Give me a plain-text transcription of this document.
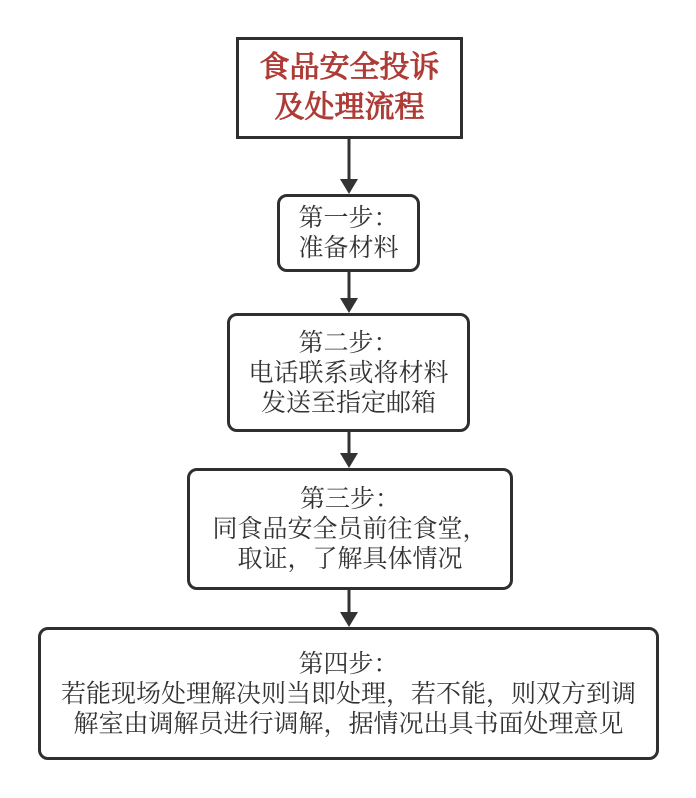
食品安全投诉
及处理流程
第一步：
准备材料
第二步：
电话联系或将材料
发送至指定邮箱
第三步：
同食品安全员前往食堂，
取证，了解具体情况
第四步：
若能现场处理解决则当即处理，若不能，则双方到调
解室由调解员进行调解，据情况出具书面处理意见
